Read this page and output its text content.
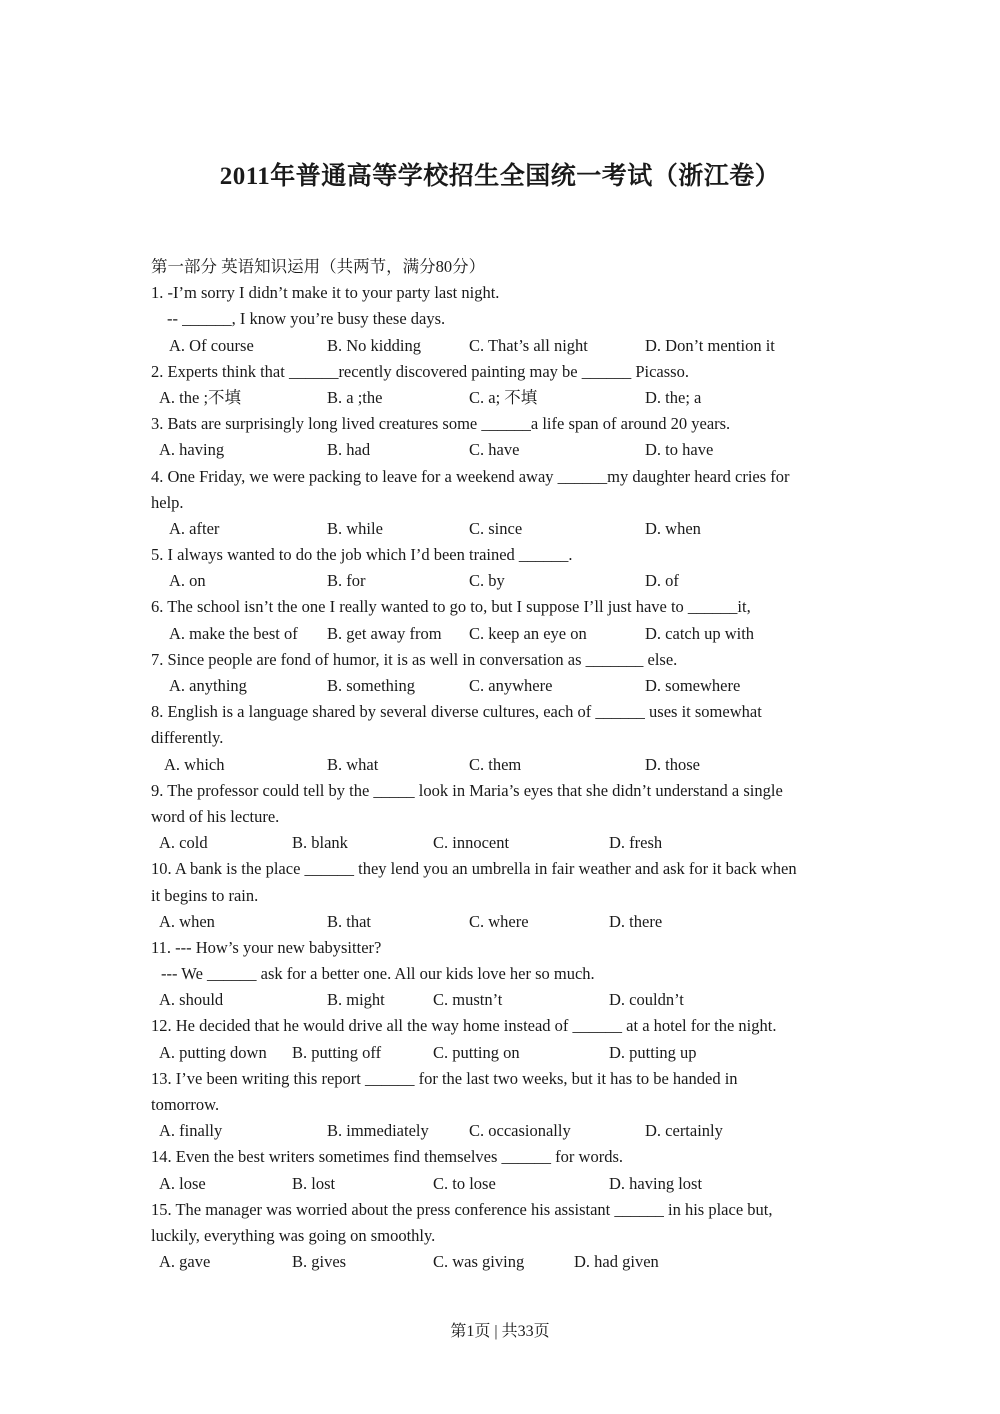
2011年普通高等学校招生全国统一考试（浙江卷）
第一部分 英语知识运用（共两节，满分80分）
1. -I’m sorry I didn’t make it to your party last night.
-- ______, I know you’re busy these days.
A. Of course	B. No kidding	C. That’s all night	D. Don’t mention it
2. Experts think that ______recently discovered painting may be ______ Picasso.
A. the ;不填	B. a ;the	C. a; 不填	D. the; a
3. Bats are surprisingly long lived creatures some ______a life span of around 20 years.
A. having	B. had	C. have	D. to have
4. One Friday, we were packing to leave for a weekend away ______my daughter heard cries for
help.
A. after	B. while	C. since	D. when
5. I always wanted to do the job which I’d been trained ______.
A. on	B. for	C. by	D. of
6. The school isn’t the one I really wanted to go to, but I suppose I’ll just have to ______it,
A. make the best of B. get away from C. keep an eye on	D. catch up with
7. Since people are fond of humor, it is as well in conversation as _______ else.
A. anything	B. something	C. anywhere	D. somewhere
8. English is a language shared by several diverse cultures, each of ______ uses it somewhat
differently.
A. which	B. what	C. them	D. those
9. The professor could tell by the _____ look in Maria’s eyes that she didn’t understand a single
word of his lecture.
A. cold	B. blank	C. innocent	D. fresh
10. A bank is the place ______ they lend you an umbrella in fair weather and ask for it back when
it begins to rain.
A. when	B. that	C. where	D. there
11. --- How’s your new babysitter?
--- We ______ ask for a better one. All our kids love her so much.
A. should	B. might	C. mustn’t	D. couldn’t
12. He decided that he would drive all the way home instead of ______ at a hotel for the night.
A. putting down B. putting off	C. putting on	D. putting up
13. I’ve been writing this report ______ for the last two weeks, but it has to be handed in
tomorrow.
A. finally	B. immediately C. occasionally	D. certainly
14. Even the best writers sometimes find themselves ______ for words.
A. lose	B. lost	C. to lose	D. having lost
15. The manager was worried about the press conference his assistant ______ in his place but,
luckily, everything was going on smoothly.
A. gave	B. gives	C. was giving	D. had given
第1页 | 共33页
